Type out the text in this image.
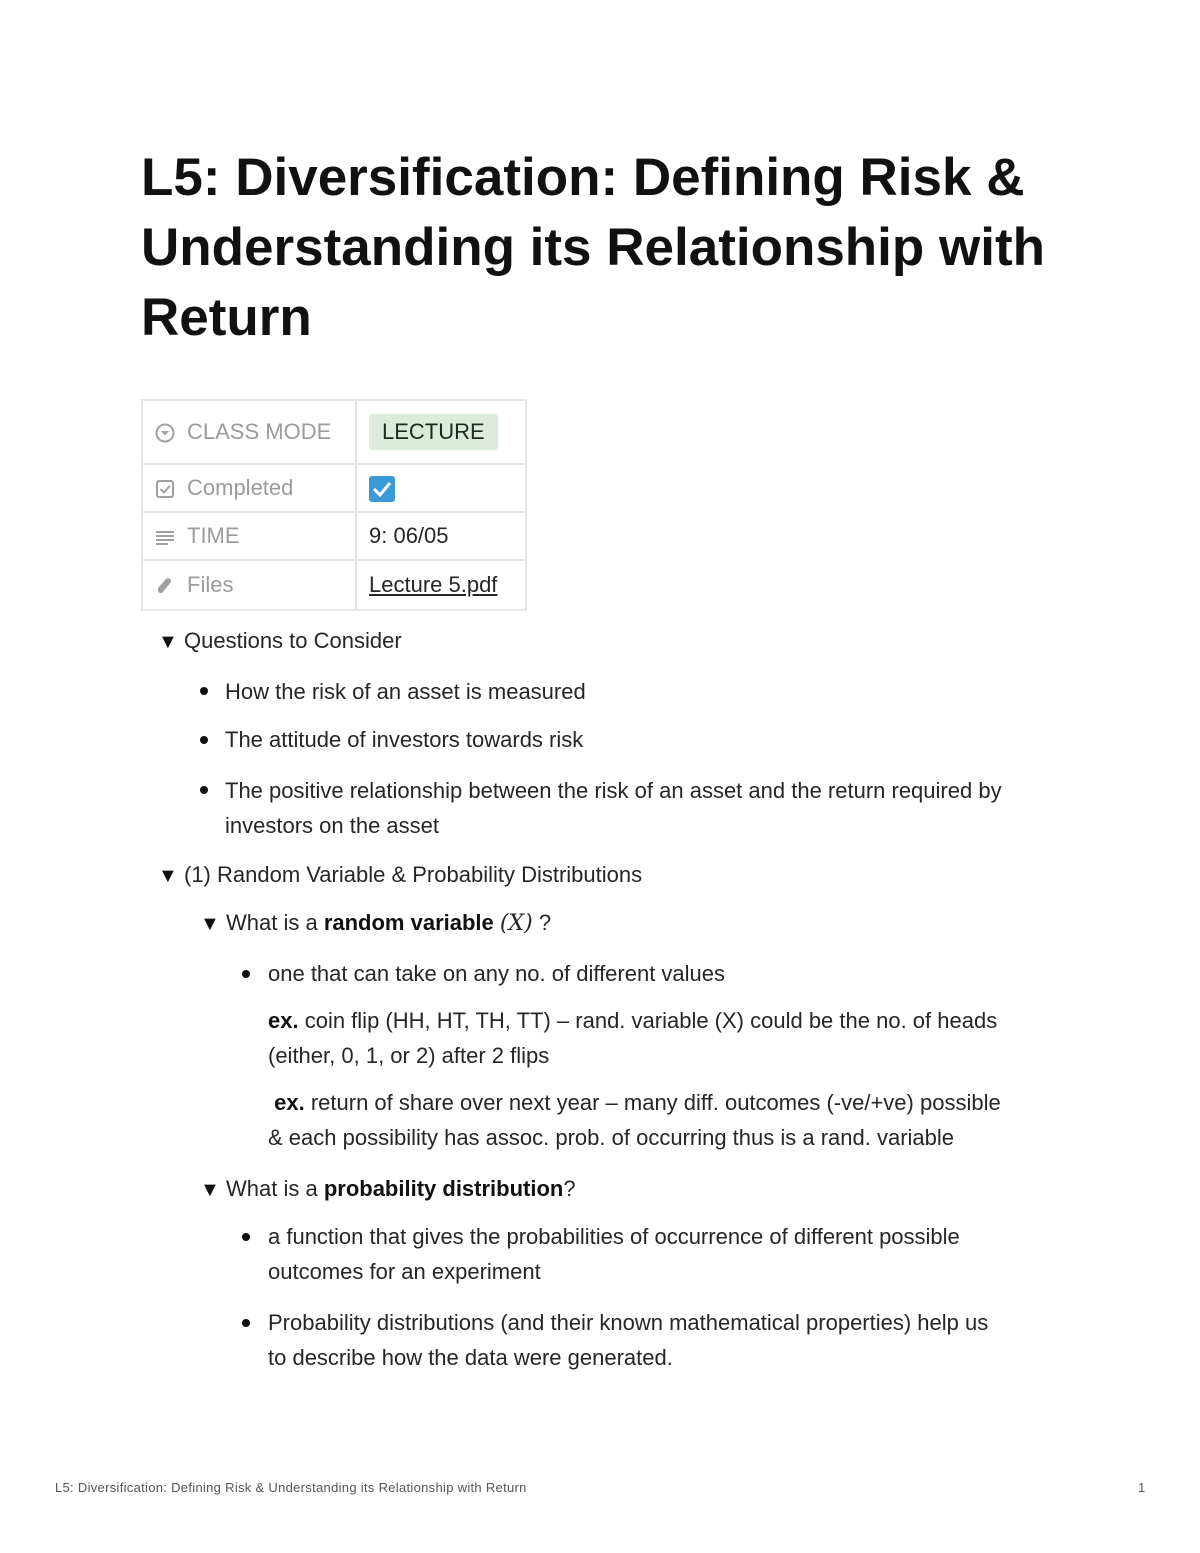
L5: Diversification: Defining Risk & Understanding its Relationship with Return
CLASS MODE	LECTURE

Completed	

TIME	9: 06/05

Files	Lecture 5.pdf
▼ Questions to Consider
How the risk of an asset is measured
The attitude of investors towards risk
The positive relationship between the risk of an asset and the return required by
investors on the asset
▼ (1) Random Variable & Probability Distributions
▼ What is a random variable (X) ?
one that can take on any no. of different values
ex. coin flip (HH, HT, TH, TT) – rand. variable (X) could be the no. of heads
(either, 0, 1, or 2) after 2 flips
ex. return of share over next year – many diff. outcomes (-ve/+ve) possible
& each possibility has assoc. prob. of occurring thus is a rand. variable
▼ What is a probability distribution?
a function that gives the probabilities of occurrence of different possible
outcomes for an experiment
Probability distributions (and their known mathematical properties) help us
to describe how the data were generated.
L5: Diversification: Defining Risk & Understanding its Relationship with Return	1
